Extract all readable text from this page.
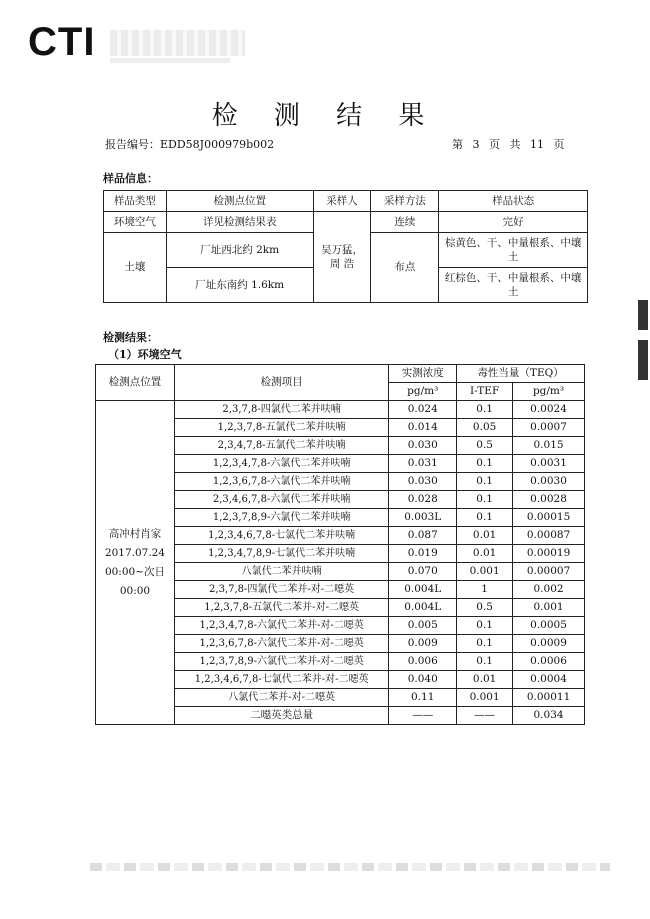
CTI
检 测 结 果
报告编号：EDD58J000979b002	第 3 页 共 11 页
样品信息：
样品类型	检测点位置	采样人	采样方法	样品状态
环境空气	详见检测结果表	吴万猛，周 浩	连续	完好
土壤	厂址西北约 2km		布点	棕黄色、干、中量根系、中壤土
	厂址东南约 1.6km			红棕色、干、中量根系、中壤土
检测结果：
（1）环境空气
检测点位置	检测项目	实测浓度	毒性当量（TEQ）	
		pg/m³	I-TEF	pg/m³

高冲村肖家
2017.07.24
00:00~次日
00:00	2,3,7,8-四氯代二苯并呋喃	0.024	0.1	0.0024
	1,2,3,7,8-五氯代二苯并呋喃	0.014	0.05	0.0007
	2,3,4,7,8-五氯代二苯并呋喃	0.030	0.5	0.015
	1,2,3,4,7,8-六氯代二苯并呋喃	0.031	0.1	0.0031
	1,2,3,6,7,8-六氯代二苯并呋喃	0.030	0.1	0.0030
	2,3,4,6,7,8-六氯代二苯并呋喃	0.028	0.1	0.0028
	1,2,3,7,8,9-六氯代二苯并呋喃	0.003L	0.1	0.00015
	1,2,3,4,6,7,8-七氯代二苯并呋喃	0.087	0.01	0.00087
	1,2,3,4,7,8,9-七氯代二苯并呋喃	0.019	0.01	0.00019
	八氯代二苯并呋喃	0.070	0.001	0.00007
	2,3,7,8-四氯代二苯并-对-二噁英	0.004L	1	0.002
	1,2,3,7,8-五氯代二苯并-对-二噁英	0.004L	0.5	0.001
	1,2,3,4,7,8-六氯代二苯并-对-二噁英	0.005	0.1	0.0005
	1,2,3,6,7,8-六氯代二苯并-对-二噁英	0.009	0.1	0.0009
	1,2,3,7,8,9-六氯代二苯并-对-二噁英	0.006	0.1	0.0006
	1,2,3,4,6,7,8-七氯代二苯并-对-二噁英	0.040	0.01	0.0004
	八氯代二苯并-对-二噁英	0.11	0.001	0.00011
	二噁英类总量	——	——	0.034
